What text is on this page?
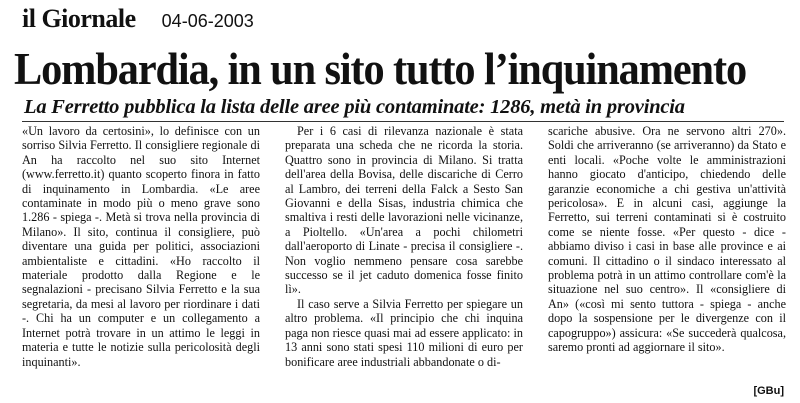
il Giornale 04-06-2003
Lombardia, in un sito tutto l’inquinamento
La Ferretto pubblica la lista delle aree più contaminate: 1286, metà in provincia

«Un lavoro da certosini», lo definisce con un sorriso Silvia Ferretto. Il consigliere regionale di An ha raccolto nel suo sito Internet (www.ferretto.it) quanto scoperto finora in fatto di inquinamento in Lombardia. «Le aree contaminate in modo più o meno grave sono 1.286 - spiega -. Metà si trova nella provincia di Milano». Il sito, continua il consigliere, può diventare una guida per politici, associazioni ambientaliste e cittadini. «Ho raccolto il materiale prodotto dalla Regione e le segnalazioni - precisano Silvia Ferretto e la sua segretaria, da mesi al lavoro per riordinare i dati -. Chi ha un computer e un collegamento a Internet potrà trovare in un attimo le leggi in materia e tutte le notizie sulla pericolosità degli inquinanti».

Per i 6 casi di rilevanza nazionale è stata preparata una scheda che ne ricorda la storia. Quattro sono in provincia di Milano. Si tratta dell'area della Bovisa, delle discariche di Cerro al Lambro, dei terreni della Falck a Sesto San Giovanni e della Sisas, industria chimica che smaltiva i resti delle lavorazioni nelle vicinanze, a Pioltello. «Un'area a pochi chilometri dall'aeroporto di Linate - precisa il consigliere -. Non voglio nemmeno pensare cosa sarebbe successo se il jet caduto domenica fosse finito lì».

Il caso serve a Silvia Ferretto per spiegare un altro problema. «Il principio che chi inquina paga non riesce quasi mai ad essere applicato: in 13 anni sono stati spesi 110 milioni di euro per bonificare aree industriali abbandonate o di-

scariche abusive. Ora ne servono altri 270». Soldi che arriveranno (se arriveranno) da Stato e enti locali. «Poche volte le amministrazioni hanno giocato d'anticipo, chiedendo delle garanzie economiche a chi gestiva un'attività pericolosa». E in alcuni casi, aggiunge la Ferretto, sui terreni contaminati si è costruito come se niente fosse. «Per questo - dice - abbiamo diviso i casi in base alle province e ai comuni. Il cittadino o il sindaco interessato al problema potrà in un attimo controllare com'è la situazione nel suo centro». Il «consigliere di An» («così mi sento tuttora - spiega - anche dopo la sospensione per le divergenze con il capogruppo») assicura: «Se succederà qualcosa, saremo pronti ad aggiornare il sito».

[GBu]
